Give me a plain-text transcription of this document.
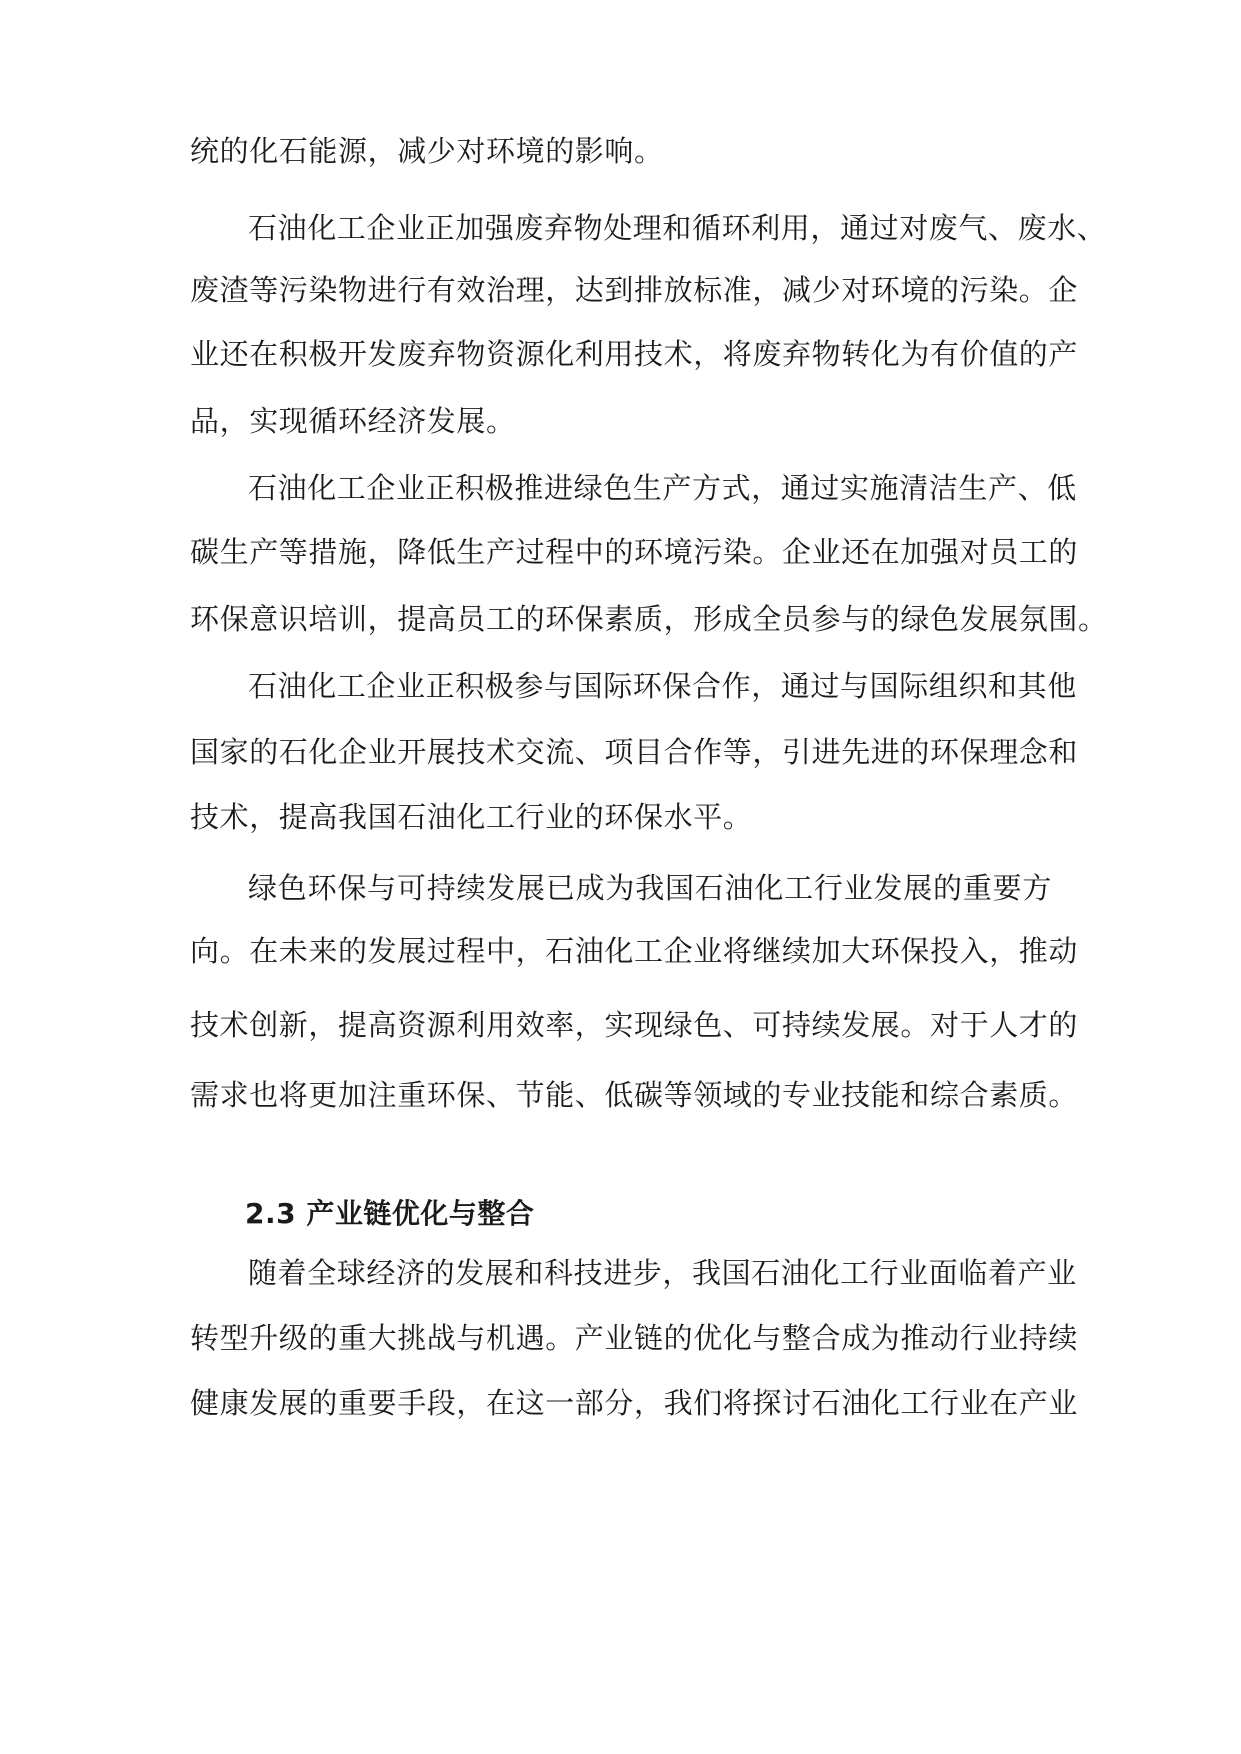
统的化石能源，减少对环境的影响。
石油化工企业正加强废弃物处理和循环利用，通过对废气、废水、
废渣等污染物进行有效治理，达到排放标准，减少对环境的污染。企
业还在积极开发废弃物资源化利用技术，将废弃物转化为有价值的产
品，实现循环经济发展。
石油化工企业正积极推进绿色生产方式，通过实施清洁生产、低
碳生产等措施，降低生产过程中的环境污染。企业还在加强对员工的
环保意识培训，提高员工的环保素质，形成全员参与的绿色发展氛围。
石油化工企业正积极参与国际环保合作，通过与国际组织和其他
国家的石化企业开展技术交流、项目合作等，引进先进的环保理念和
技术，提高我国石油化工行业的环保水平。
绿色环保与可持续发展已成为我国石油化工行业发展的重要方
向。在未来的发展过程中，石油化工企业将继续加大环保投入，推动
技术创新，提高资源利用效率，实现绿色、可持续发展。对于人才的
需求也将更加注重环保、节能、低碳等领域的专业技能和综合素质。
2.3 产业链优化与整合
随着全球经济的发展和科技进步，我国石油化工行业面临着产业
转型升级的重大挑战与机遇。产业链的优化与整合成为推动行业持续
健康发展的重要手段，在这一部分，我们将探讨石油化工行业在产业
